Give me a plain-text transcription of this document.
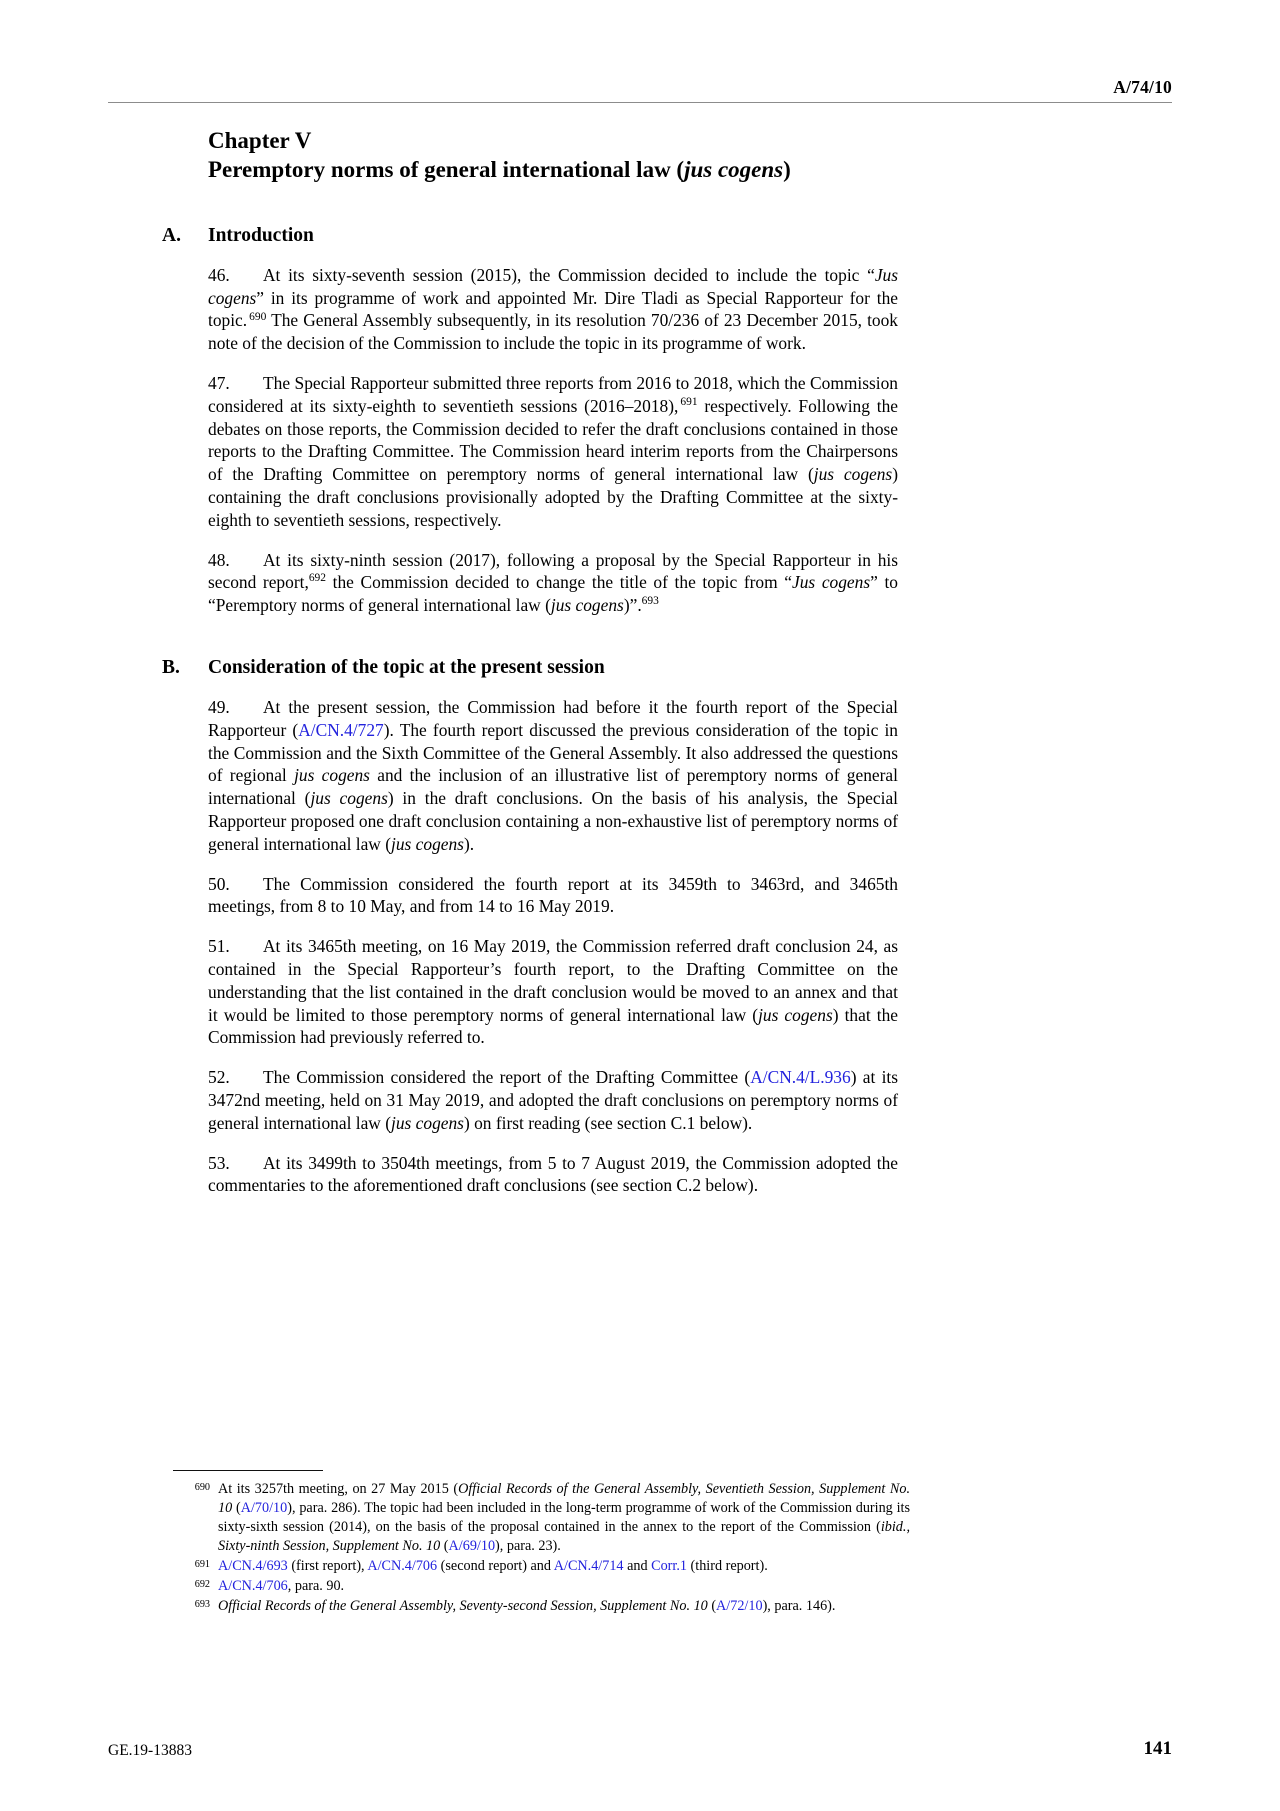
A/74/10
Chapter V
Peremptory norms of general international law (jus cogens)
A.	Introduction

46. At its sixty-seventh session (2015), the Commission decided to include the topic “Jus cogens” in its programme of work and appointed Mr. Dire Tladi as Special Rapporteur for the topic. $^{690}$ The General Assembly subsequently, in its resolution 70/236 of 23 December 2015, took note of the decision of the Commission to include the topic in its programme of work.

47. The Special Rapporteur submitted three reports from 2016 to 2018, which the Commission considered at its sixty-eighth to seventieth sessions (2016–2018), $^{691}$ respectively. Following the debates on those reports, the Commission decided to refer the draft conclusions contained in those reports to the Drafting Committee. The Commission heard interim reports from the Chairpersons of the Drafting Committee on peremptory norms of general international law (jus cogens) containing the draft conclusions provisionally adopted by the Drafting Committee at the sixty-eighth to seventieth sessions, respectively.

48. At its sixty-ninth session (2017), following a proposal by the Special Rapporteur in his second report,$^{692}$ the Commission decided to change the title of the topic from “Jus cogens” to “Peremptory norms of general international law (jus cogens)”.$^{693}$

B.	Consideration of the topic at the present session

49. At the present session, the Commission had before it the fourth report of the Special Rapporteur (A/CN.4/727). The fourth report discussed the previous consideration of the topic in the Commission and the Sixth Committee of the General Assembly. It also addressed the questions of regional jus cogens and the inclusion of an illustrative list of peremptory norms of general international (jus cogens) in the draft conclusions. On the basis of his analysis, the Special Rapporteur proposed one draft conclusion containing a non-exhaustive list of peremptory norms of general international law (jus cogens).

50. The Commission considered the fourth report at its 3459th to 3463rd, and 3465th meetings, from 8 to 10 May, and from 14 to 16 May 2019.

51. At its 3465th meeting, on 16 May 2019, the Commission referred draft conclusion 24, as contained in the Special Rapporteur’s fourth report, to the Drafting Committee on the understanding that the list contained in the draft conclusion would be moved to an annex and that it would be limited to those peremptory norms of general international law (jus cogens) that the Commission had previously referred to.

52. The Commission considered the report of the Drafting Committee (A/CN.4/L.936) at its 3472nd meeting, held on 31 May 2019, and adopted the draft conclusions on peremptory norms of general international law (jus cogens) on first reading (see section C.1 below).

53. At its 3499th to 3504th meetings, from 5 to 7 August 2019, the Commission adopted the commentaries to the aforementioned draft conclusions (see section C.2 below).

690 At its 3257th meeting, on 27 May 2015 (Official Records of the General Assembly, Seventieth Session, Supplement No. 10 (A/70/10), para. 286). The topic had been included in the long-term programme of work of the Commission during its sixty-sixth session (2014), on the basis of the proposal contained in the annex to the report of the Commission (ibid., Sixty-ninth Session, Supplement No. 10 (A/69/10), para. 23).
691 A/CN.4/693 (first report), A/CN.4/706 (second report) and A/CN.4/714 and Corr.1 (third report).
692 A/CN.4/706, para. 90.
693 Official Records of the General Assembly, Seventy-second Session, Supplement No. 10 (A/72/10), para. 146).
GE.19-13883	141
